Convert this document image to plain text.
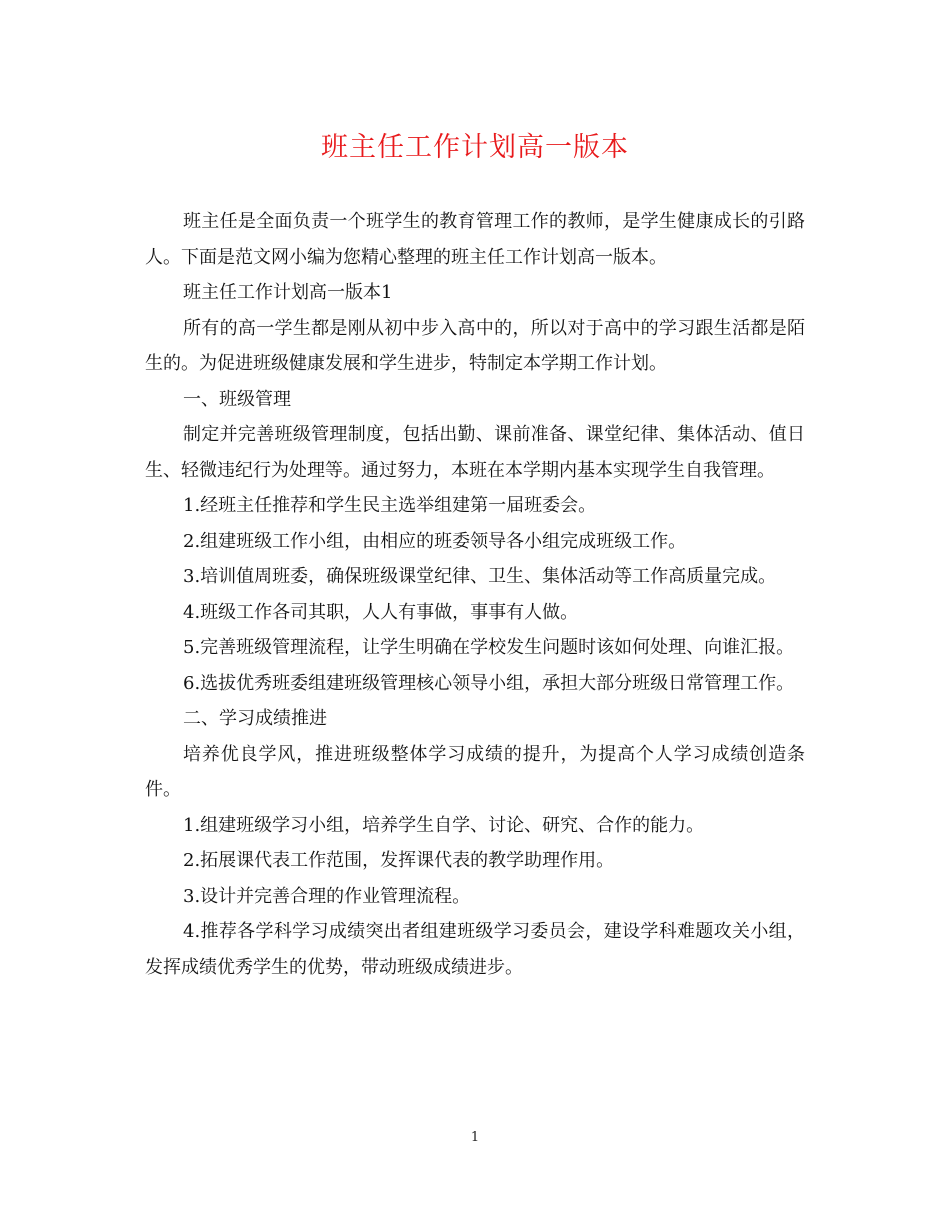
班主任工作计划高一版本

班主任是全面负责一个班学生的教育管理工作的教师，是学生健康成长的引路人。下面是范文网小编为您精心整理的班主任工作计划高一版本。

班主任工作计划高一版本1

所有的高一学生都是刚从初中步入高中的，所以对于高中的学习跟生活都是陌生的。为促进班级健康发展和学生进步，特制定本学期工作计划。

一、班级管理

制定并完善班级管理制度，包括出勤、课前准备、课堂纪律、集体活动、值日生、轻微违纪行为处理等。通过努力，本班在本学期内基本实现学生自我管理。

1.经班主任推荐和学生民主选举组建第一届班委会。

2.组建班级工作小组，由相应的班委领导各小组完成班级工作。

3.培训值周班委，确保班级课堂纪律、卫生、集体活动等工作高质量完成。

4.班级工作各司其职，人人有事做，事事有人做。

5.完善班级管理流程，让学生明确在学校发生问题时该如何处理、向谁汇报。

6.选拔优秀班委组建班级管理核心领导小组，承担大部分班级日常管理工作。

二、学习成绩推进

培养优良学风，推进班级整体学习成绩的提升，为提高个人学习成绩创造条件。

1.组建班级学习小组，培养学生自学、讨论、研究、合作的能力。

2.拓展课代表工作范围，发挥课代表的教学助理作用。

3.设计并完善合理的作业管理流程。

4.推荐各学科学习成绩突出者组建班级学习委员会，建设学科难题攻关小组，发挥成绩优秀学生的优势，带动班级成绩进步。

1
